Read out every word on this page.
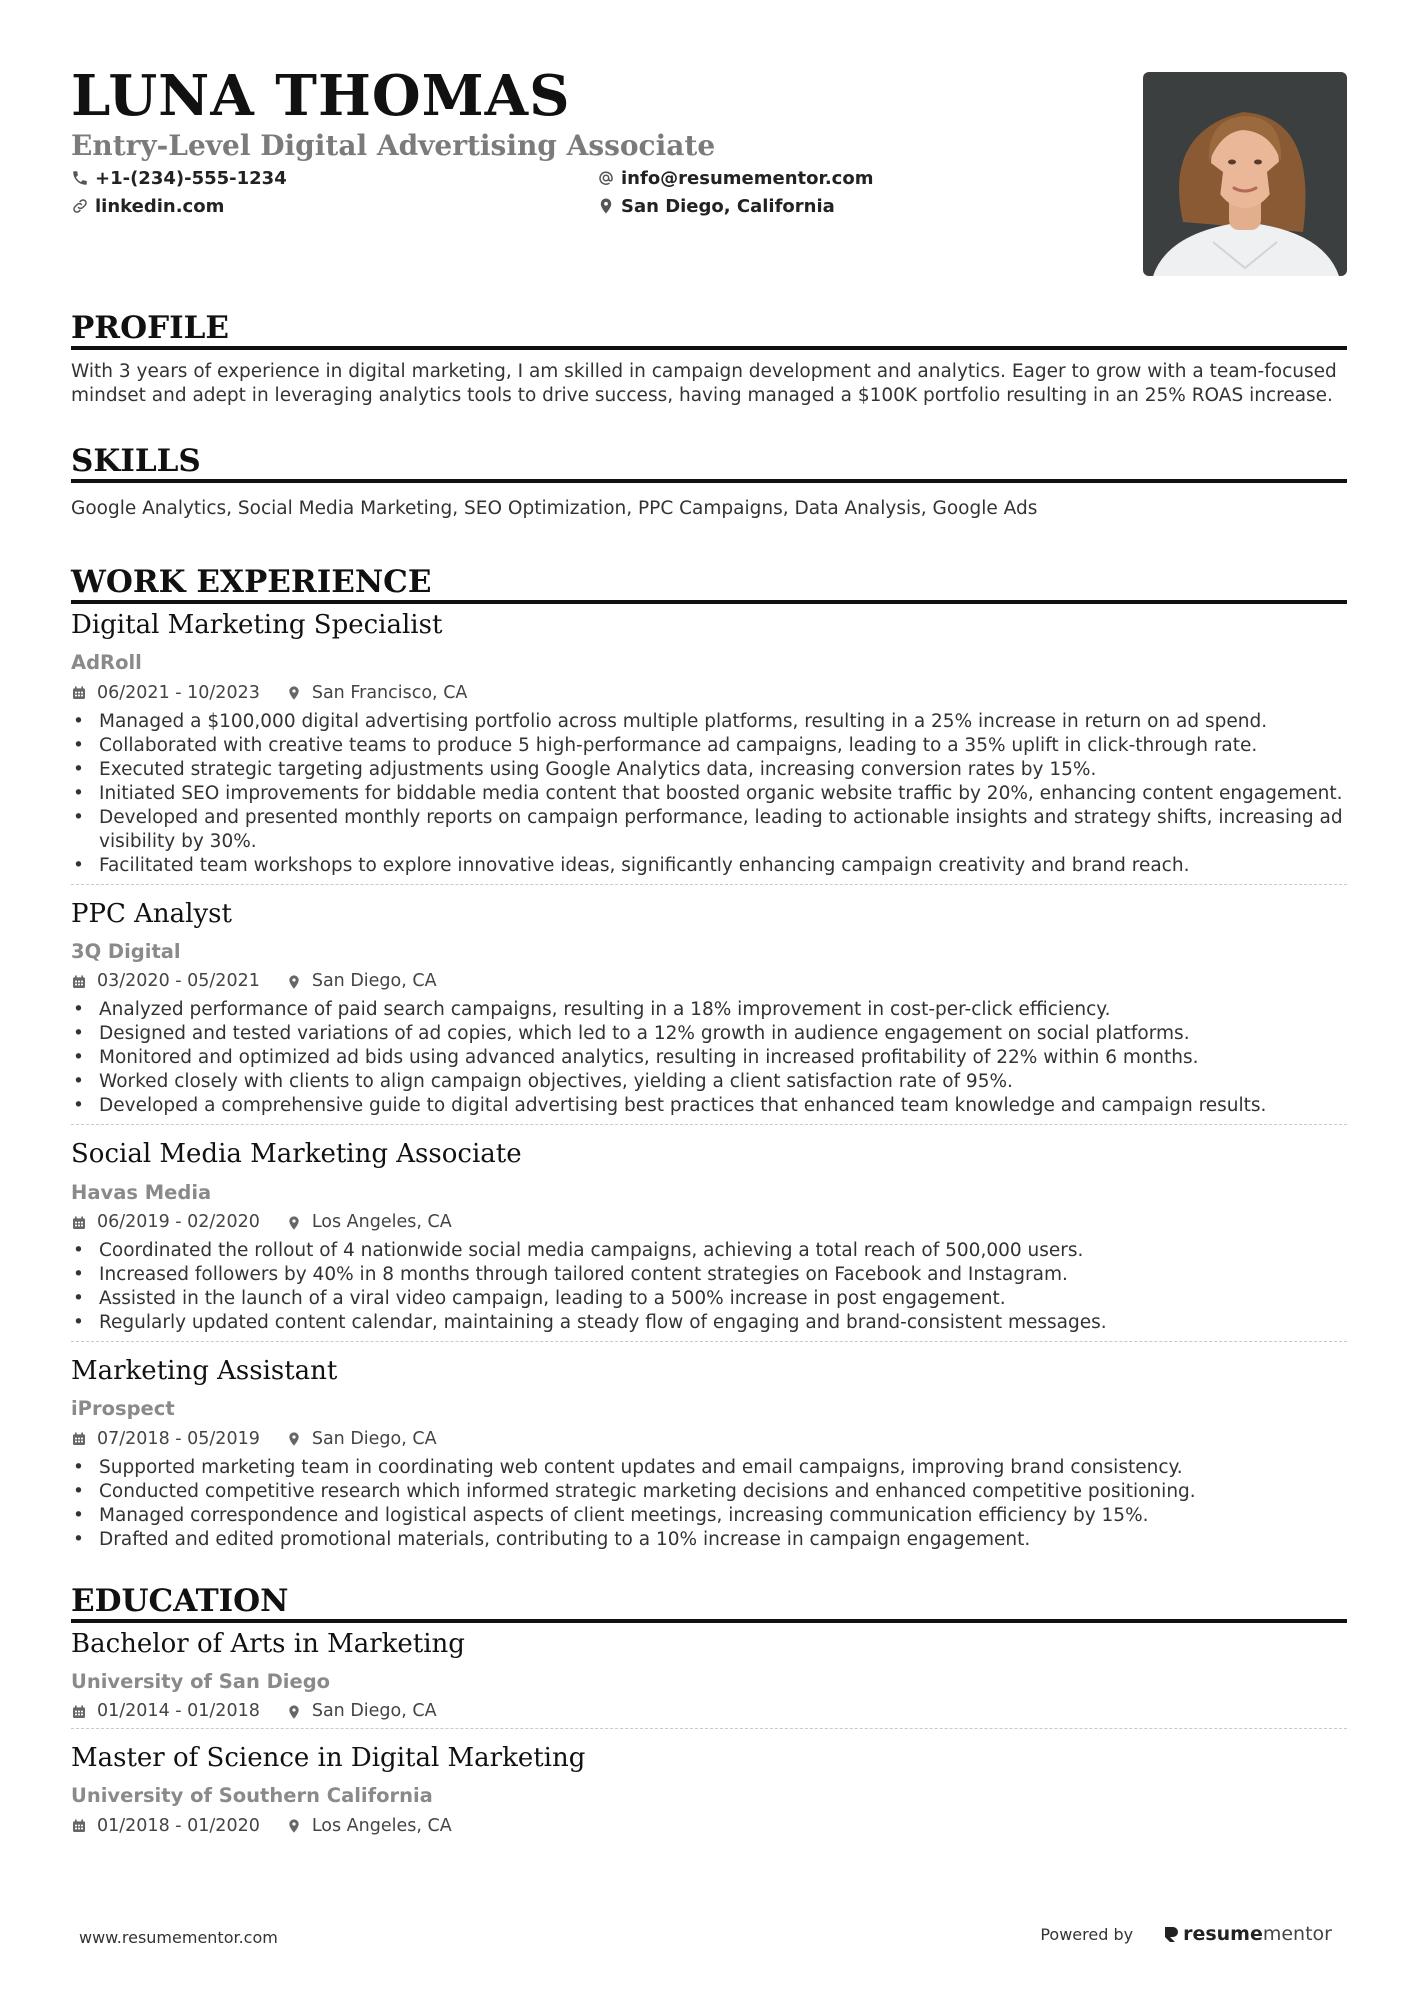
LUNA THOMAS
Entry-Level Digital Advertising Associate
+1-(234)-555-1234	info@resumementor.com
linkedin.com	San Diego, California
PROFILE
With 3 years of experience in digital marketing, I am skilled in campaign development and analytics. Eager to grow with a team-focused mindset and adept in leveraging analytics tools to drive success, having managed a $100K portfolio resulting in an 25% ROAS increase.
SKILLS
Google Analytics, Social Media Marketing, SEO Optimization, PPC Campaigns, Data Analysis, Google Ads
WORK EXPERIENCE
Digital Marketing Specialist
AdRoll
06/2021 - 10/2023	San Francisco, CA
• Managed a $100,000 digital advertising portfolio across multiple platforms, resulting in a 25% increase in return on ad spend.
• Collaborated with creative teams to produce 5 high-performance ad campaigns, leading to a 35% uplift in click-through rate.
• Executed strategic targeting adjustments using Google Analytics data, increasing conversion rates by 15%.
• Initiated SEO improvements for biddable media content that boosted organic website traffic by 20%, enhancing content engagement.
• Developed and presented monthly reports on campaign performance, leading to actionable insights and strategy shifts, increasing ad visibility by 30%.
• Facilitated team workshops to explore innovative ideas, significantly enhancing campaign creativity and brand reach.
PPC Analyst
3Q Digital
03/2020 - 05/2021	San Diego, CA
• Analyzed performance of paid search campaigns, resulting in a 18% improvement in cost-per-click efficiency.
• Designed and tested variations of ad copies, which led to a 12% growth in audience engagement on social platforms.
• Monitored and optimized ad bids using advanced analytics, resulting in increased profitability of 22% within 6 months.
• Worked closely with clients to align campaign objectives, yielding a client satisfaction rate of 95%.
• Developed a comprehensive guide to digital advertising best practices that enhanced team knowledge and campaign results.
Social Media Marketing Associate
Havas Media
06/2019 - 02/2020	Los Angeles, CA
• Coordinated the rollout of 4 nationwide social media campaigns, achieving a total reach of 500,000 users.
• Increased followers by 40% in 8 months through tailored content strategies on Facebook and Instagram.
• Assisted in the launch of a viral video campaign, leading to a 500% increase in post engagement.
• Regularly updated content calendar, maintaining a steady flow of engaging and brand-consistent messages.
Marketing Assistant
iProspect
07/2018 - 05/2019	San Diego, CA
• Supported marketing team in coordinating web content updates and email campaigns, improving brand consistency.
• Conducted competitive research which informed strategic marketing decisions and enhanced competitive positioning.
• Managed correspondence and logistical aspects of client meetings, increasing communication efficiency by 15%.
• Drafted and edited promotional materials, contributing to a 10% increase in campaign engagement.
EDUCATION
Bachelor of Arts in Marketing
University of San Diego
01/2014 - 01/2018	San Diego, CA
Master of Science in Digital Marketing
University of Southern California
01/2018 - 01/2020	Los Angeles, CA
www.resumementor.com	Powered by	resume mentor
